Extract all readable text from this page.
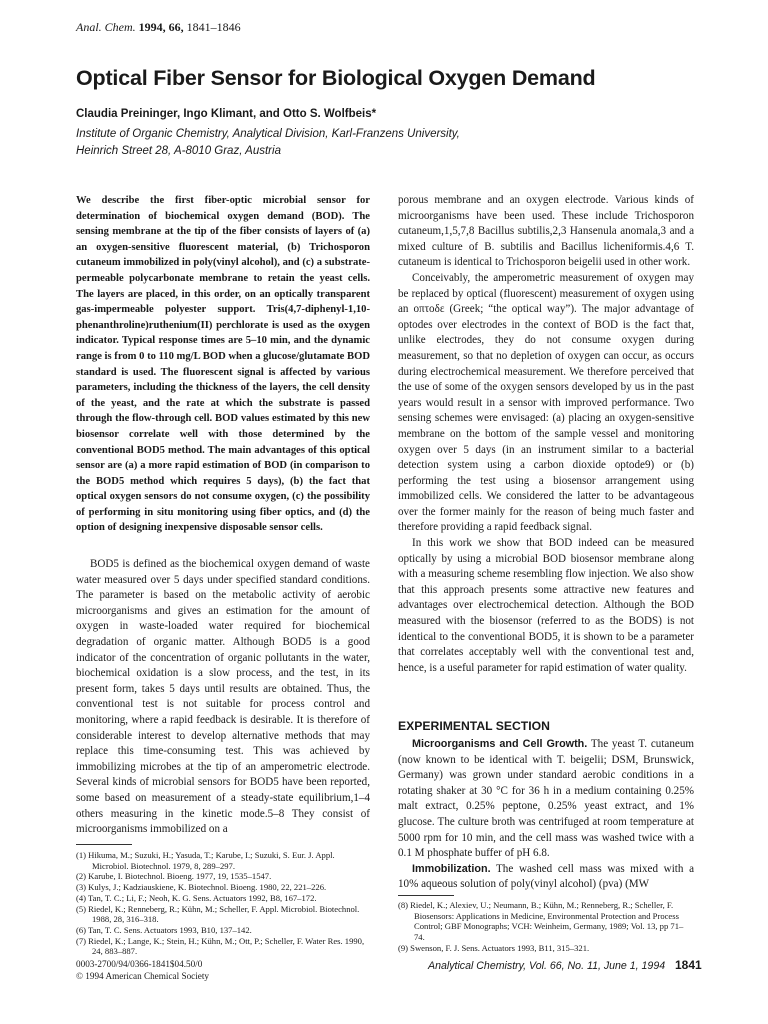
Anal. Chem. 1994, 66, 1841–1846
Optical Fiber Sensor for Biological Oxygen Demand
Claudia Preininger, Ingo Klimant, and Otto S. Wolfbeis*
Institute of Organic Chemistry, Analytical Division, Karl-Franzens University,
Heinrich Street 28, A-8010 Graz, Austria

We describe the first fiber-optic microbial sensor for determination of biochemical oxygen demand (BOD). The sensing membrane at the tip of the fiber consists of layers of (a) an oxygen-sensitive fluorescent material, (b) Trichosporon cutaneum immobilized in poly(vinyl alcohol), and (c) a substrate-permeable polycarbonate membrane to retain the yeast cells. The layers are placed, in this order, on an optically transparent gas-impermeable polyester support. Tris(4,7-diphenyl-1,10-phenanthroline)ruthenium(II) perchlorate is used as the oxygen indicator. Typical response times are 5–10 min, and the dynamic range is from 0 to 110 mg/L BOD when a glucose/glutamate BOD standard is used. The fluorescent signal is affected by various parameters, including the thickness of the layers, the cell density of the yeast, and the rate at which the substrate is passed through the flow-through cell. BOD values estimated by this new biosensor correlate well with those determined by the conventional BOD5 method. The main advantages of this optical sensor are (a) a more rapid estimation of BOD (in comparison to the BOD5 method which requires 5 days), (b) the fact that optical oxygen sensors do not consume oxygen, (c) the possibility of performing in situ monitoring using fiber optics, and (d) the option of designing inexpensive disposable sensor cells.

BOD5 is defined as the biochemical oxygen demand of waste water measured over 5 days under specified standard conditions. The parameter is based on the metabolic activity of aerobic microorganisms and gives an estimation for the amount of oxygen in waste-loaded water required for biochemical degradation of organic matter. Although BOD5 is a good indicator of the concentration of organic pollutants in the water, biochemical oxidation is a slow process, and the test, in its present form, takes 5 days until results are obtained. Thus, the conventional test is not suitable for process control and monitoring, where a rapid feedback is desirable. It is therefore of considerable interest to develop alternative methods that may replace this time-consuming test. This was achieved by immobilizing microbes at the tip of an amperometric electrode. Several kinds of microbial sensors for BOD5 have been reported, some based on measurement of a steady-state equilibrium,1–4 others measuring in the kinetic mode.5–8 They consist of microorganisms immobilized on a

(1) Hikuma, M.; Suzuki, H.; Yasuda, T.; Karube, I.; Suzuki, S. Eur. J. Appl. Microbiol. Biotechnol. 1979, 8, 289–297.
(2) Karube, I. Biotechnol. Bioeng. 1977, 19, 1535–1547.
(3) Kulys, J.; Kadziauskiene, K. Biotechnol. Bioeng. 1980, 22, 221–226.
(4) Tan, T. C.; Li, F.; Neoh, K. G. Sens. Actuators 1992, B8, 167–172.
(5) Riedel, K.; Renneberg, R.; Kühn, M.; Scheller, F. Appl. Microbiol. Biotechnol. 1988, 28, 316–318.
(6) Tan, T. C. Sens. Actuators 1993, B10, 137–142.
(7) Riedel, K.; Lange, K.; Stein, H.; Kühn, M.; Ott, P.; Scheller, F. Water Res. 1990, 24, 883–887.

porous membrane and an oxygen electrode. Various kinds of microorganisms have been used. These include Trichosporon cutaneum,1,5,7,8 Bacillus subtilis,2,3 Hansenula anomala,3 and a mixed culture of B. subtilis and Bacillus licheniformis.4,6 T. cutaneum is identical to Trichosporon beigelii used in other work.

Conceivably, the amperometric measurement of oxygen may be replaced by optical (fluorescent) measurement of oxygen using an οπτοδε (Greek; “the optical way”). The major advantage of optodes over electrodes in the context of BOD is the fact that, unlike electrodes, they do not consume oxygen during measurement, so that no depletion of oxygen can occur, as occurs during electrochemical measurement. We therefore perceived that the use of some of the oxygen sensors developed by us in the past years would result in a sensor with improved performance. Two sensing schemes were envisaged: (a) placing an oxygen-sensitive membrane on the bottom of the sample vessel and monitoring oxygen over 5 days (in an instrument similar to a bacterial detection system using a carbon dioxide optode9) or (b) performing the test using a biosensor arrangement using immobilized cells. We considered the latter to be advantageous over the former mainly for the reason of being much faster and therefore providing a rapid feedback signal.

In this work we show that BOD indeed can be measured optically by using a microbial BOD biosensor membrane along with a measuring scheme resembling flow injection. We also show that this approach presents some attractive new features and advantages over electrochemical detection. Although the BOD measured with the biosensor (referred to as the BODS) is not identical to the conventional BOD5, it is shown to be a parameter that correlates acceptably well with the conventional test and, hence, is a useful parameter for rapid estimation of water quality.

EXPERIMENTAL SECTION

Microorganisms and Cell Growth. The yeast T. cutaneum (now known to be identical with T. beigelii; DSM, Brunswick, Germany) was grown under standard aerobic conditions in a rotating shaker at 30 °C for 36 h in a medium containing 0.25% malt extract, 0.25% peptone, 0.25% yeast extract, and 1% glucose. The culture broth was centrifuged at room temperature at 5000 rpm for 10 min, and the cell mass was washed twice with a 0.1 M phosphate buffer of pH 6.8.

Immobilization. The washed cell mass was mixed with a 10% aqueous solution of poly(vinyl alcohol) (pva) (MW

(8) Riedel, K.; Alexiev, U.; Neumann, B.; Kühn, M.; Renneberg, R.; Scheller, F. Biosensors: Applications in Medicine, Environmental Protection and Process Control; GBF Monographs; VCH: Weinheim, Germany, 1989; Vol. 13, pp 71–74.
(9) Swenson, F. J. Sens. Actuators 1993, B11, 315–321.
0003-2700/94/0366-1841$04.50/0
© 1994 American Chemical Society
Analytical Chemistry, Vol. 66, No. 11, June 1, 1994 1841
